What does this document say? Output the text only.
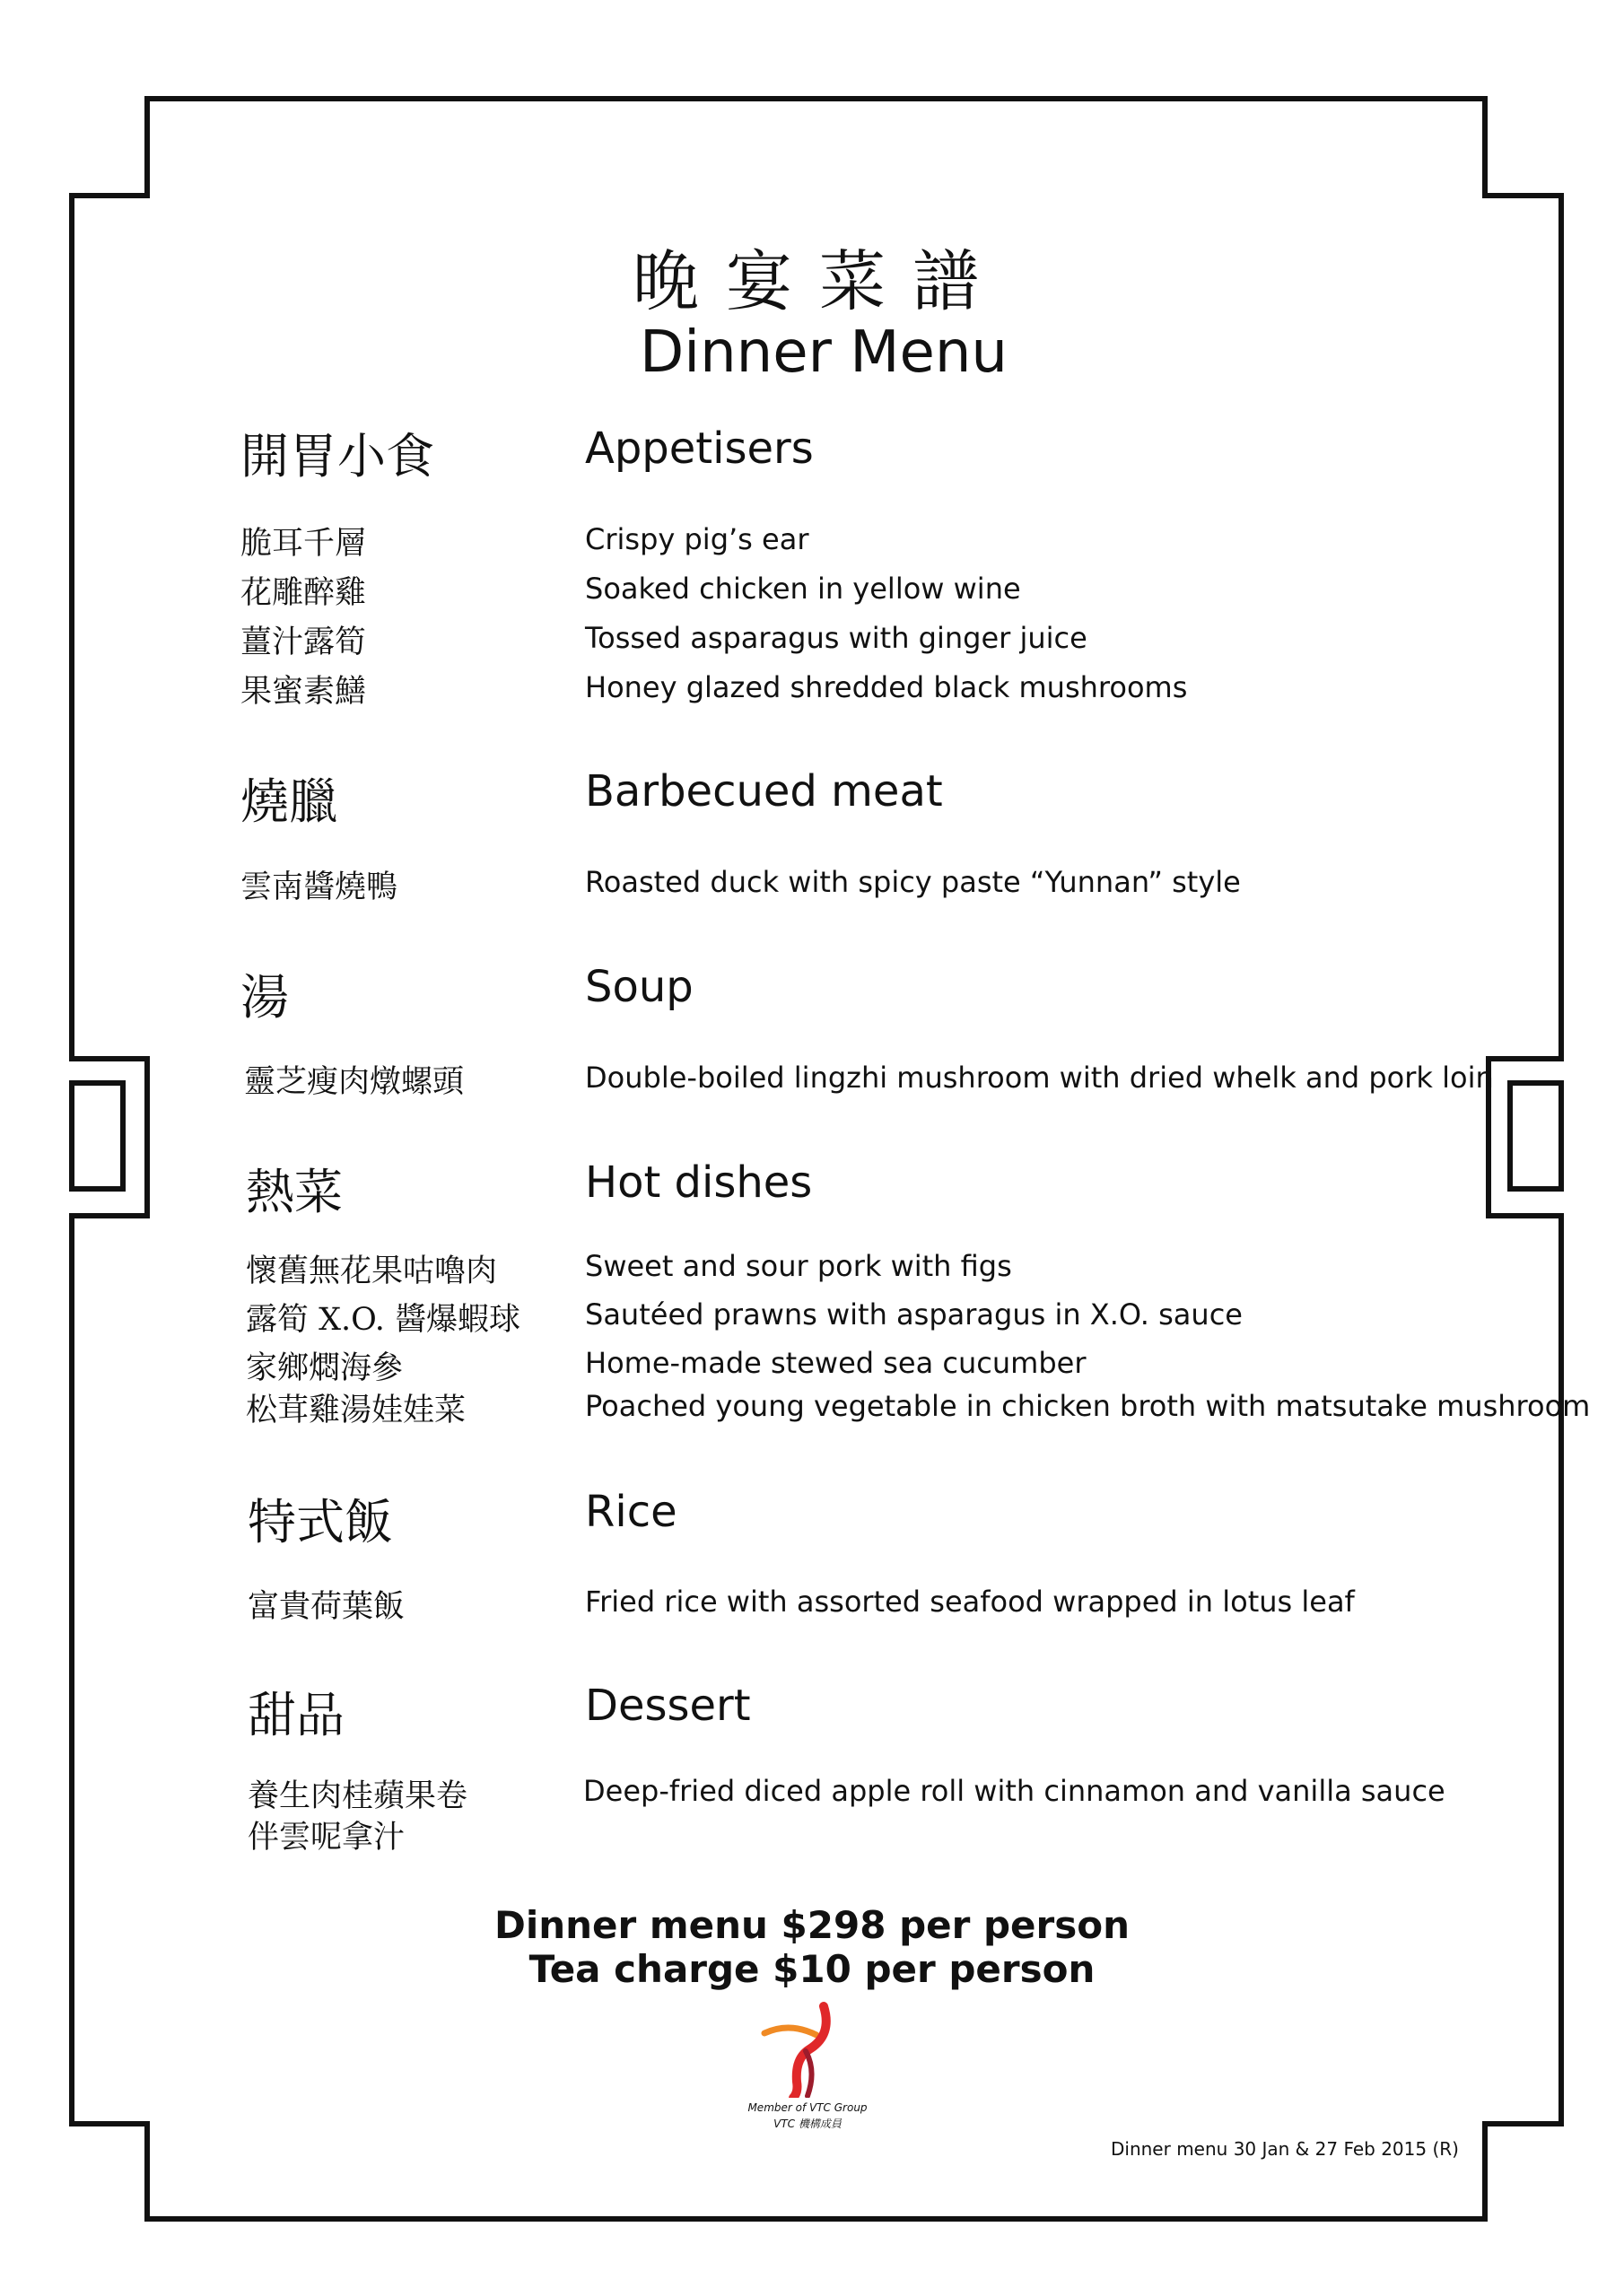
晚宴菜譜
Dinner Menu
開胃小食	Appetisers
脆耳千層	Crispy pig’s ear
花雕醉雞	Soaked chicken in yellow wine
薑汁露筍	Tossed asparagus with ginger juice
果蜜素鱔	Honey glazed shredded black mushrooms
燒臘	Barbecued meat
雲南醬燒鴨	Roasted duck with spicy paste “Yunnan” style
湯	Soup
靈芝瘦肉燉螺頭	Double-boiled lingzhi mushroom with dried whelk and pork loin
熱菜	Hot dishes
懷舊無花果咕嚕肉	Sweet and sour pork with figs
露筍 X.O. 醬爆蝦球 Sautéed prawns with asparagus in X.O. sauce
家鄉燜海參	Home-made stewed sea cucumber
松茸雞湯娃娃菜	Poached young vegetable in chicken broth with matsutake mushroom
特式飯	Rice
富貴荷葉飯	Fried rice with assorted seafood wrapped in lotus leaf
甜品	Dessert
養生肉桂蘋果卷	Deep-fried diced apple roll with cinnamon and vanilla sauce
伴雲呢拿汁
Dinner menu $298 per person
Tea charge $10 per person
Member of VTC Group
VTC 機構成員
Dinner menu 30 Jan & 27 Feb 2015 (R)
